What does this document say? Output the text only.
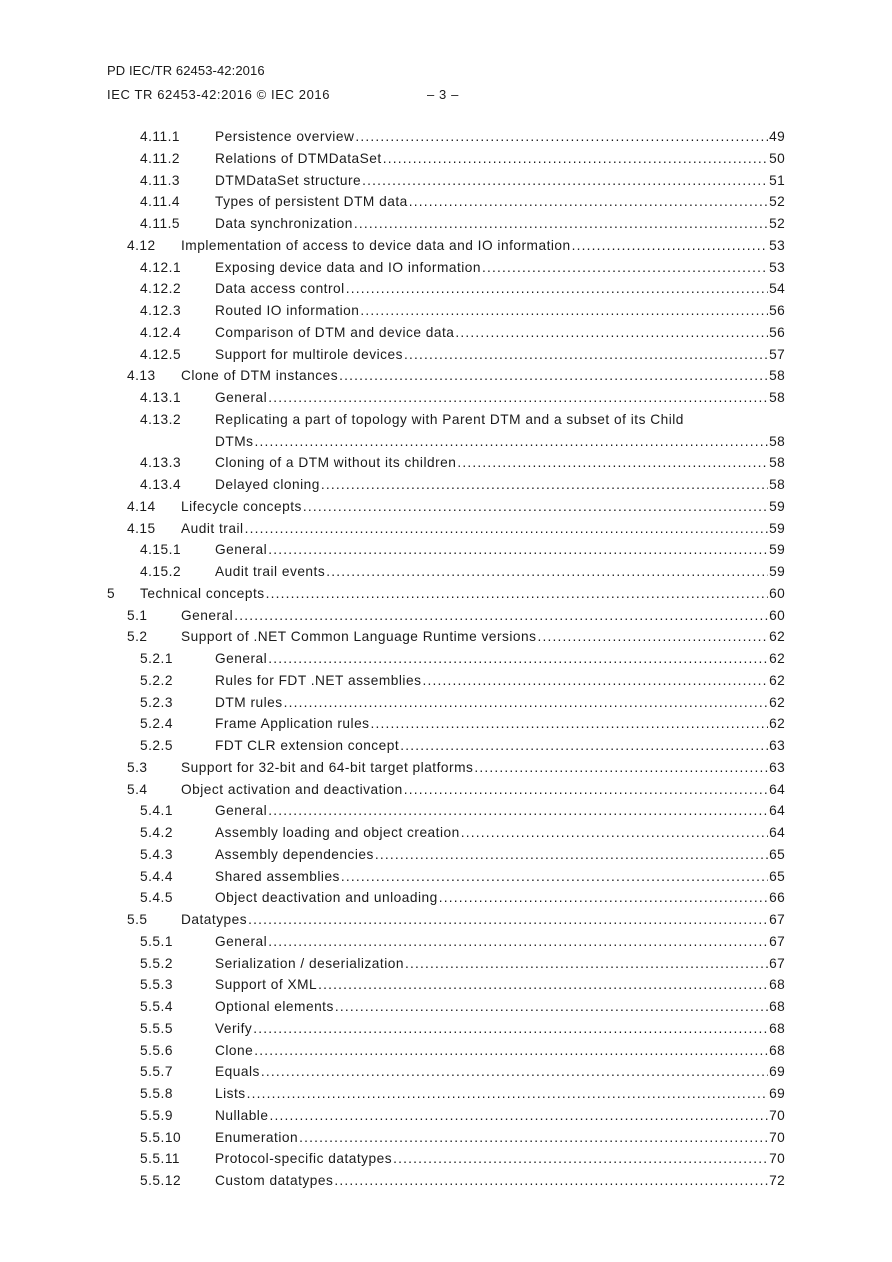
PD IEC/TR 62453-42:2016
IEC TR 62453-42:2016 © IEC 2016	– 3 –
4.11.1	Persistence overview .....	49
4.11.2	Relations of DTMDataSet .....	50
4.11.3	DTMDataSet structure .....	51
4.11.4	Types of persistent DTM data .....	52
4.11.5	Data synchronization .....	52
4.12 Implementation of access to device data and IO information .....	53
4.12.1 Exposing device data and IO information .....	53
4.12.2 Data access control .....	54
4.12.3 Routed IO information .....	56
4.12.4 Comparison of DTM and device data .....	56
4.12.5 Support for multirole devices .....	57
4.13 Clone of DTM instances .....	58
4.13.1 General .....	58
4.13.2 Replicating a part of topology with Parent DTM and a subset of its Child
DTMs .....	58
4.13.3 Cloning of a DTM without its children .....	58
4.13.4 Delayed cloning .....	58
4.14 Lifecycle concepts .....	59
4.15 Audit trail .....	59
4.15.1 General .....	59
4.15.2 Audit trail events .....	59
5 Technical concepts .....	60
5.1 General .....	60
5.2 Support of .NET Common Language Runtime versions .....	62
5.2.1	General .....	62
5.2.2	Rules for FDT .NET assemblies .....	62
5.2.3	DTM rules .....	62
5.2.4	Frame Application rules .....	62
5.2.5	FDT CLR extension concept .....	63
5.3 Support for 32-bit and 64-bit target platforms .....	63
5.4 Object activation and deactivation .....	64
5.4.1	General .....	64
5.4.2	Assembly loading and object creation .....	64
5.4.3	Assembly dependencies .....	65
5.4.4	Shared assemblies .....	65
5.4.5	Object deactivation and unloading .....	66
5.5 Datatypes .....	67
5.5.1	General .....	67
5.5.2	Serialization / deserialization .....	67
5.5.3	Support of XML .....	68
5.5.4	Optional elements .....	68
5.5.5	Verify .....	68
5.5.6	Clone .....	68
5.5.7	Equals .....	69
5.5.8	Lists .....	69
5.5.9	Nullable .....	70
5.5.10 Enumeration .....	70
5.5.11	Protocol-specific datatypes .....	70
5.5.12 Custom datatypes .....	72
